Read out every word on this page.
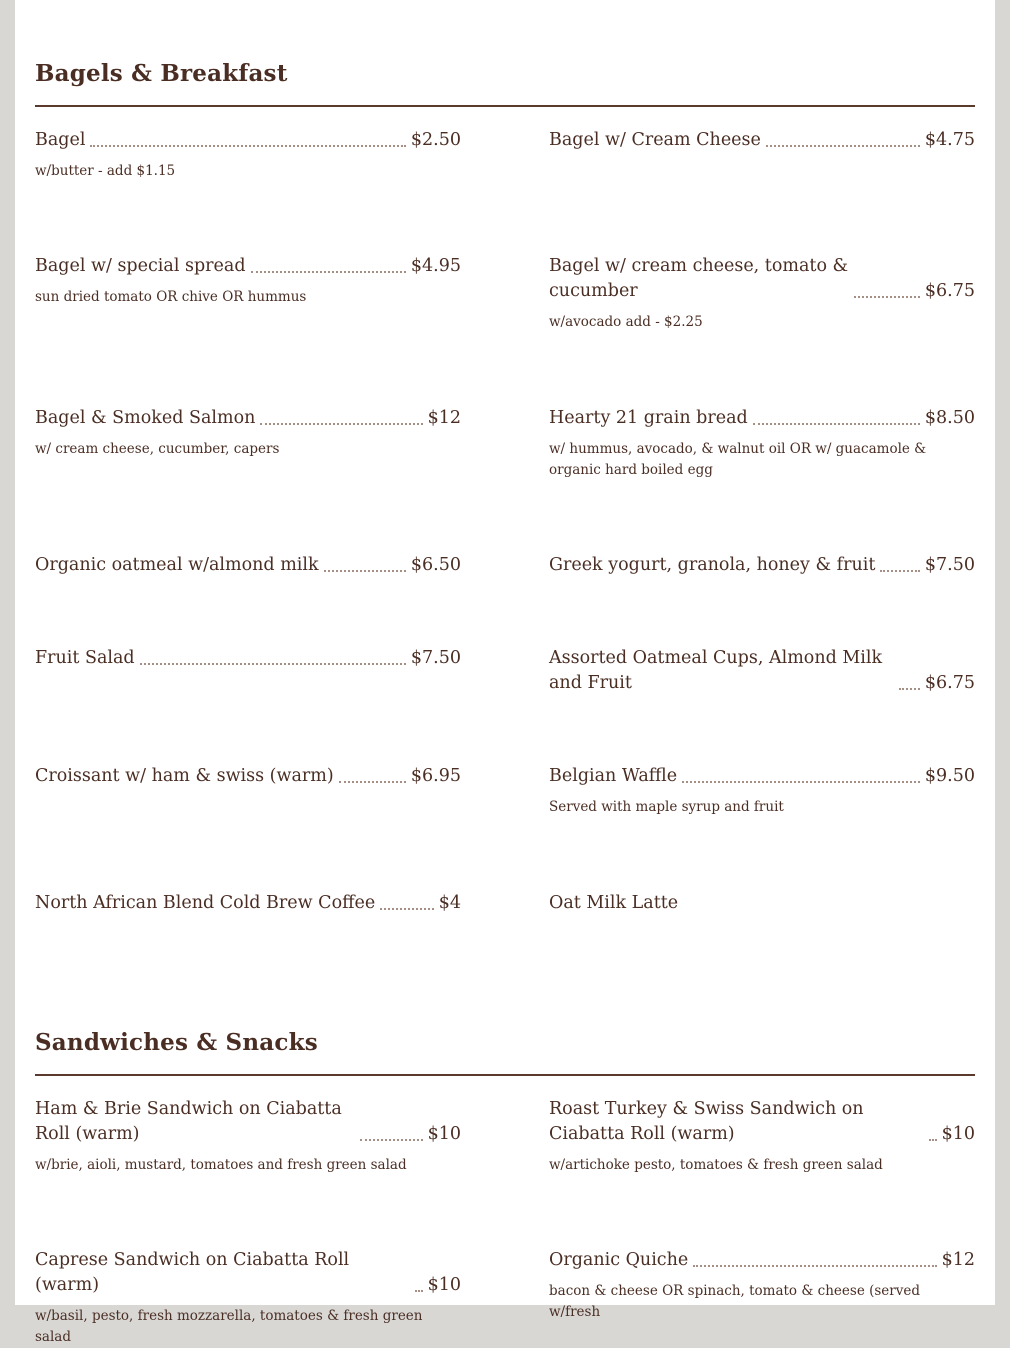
Bagels & Breakfast
Bagel	$2.50
w/butter - add $1.15
Bagel w/ Cream Cheese	$4.75
Bagel w/ special spread	$4.95
sun dried tomato OR chive OR hummus
Bagel w/ cream cheese, tomato & cucumber	$6.75
w/avocado add - $2.25
Bagel & Smoked Salmon	$12
w/ cream cheese, cucumber, capers
Hearty 21 grain bread	$8.50
w/ hummus, avocado, & walnut oil OR w/ guacamole & organic hard boiled egg
Organic oatmeal w/almond milk	$6.50	Greek yogurt, granola, honey & fruit	$7.50
Fruit Salad	$7.50	Assorted Oatmeal Cups, Almond Milk and Fruit	$6.75
Croissant w/ ham & swiss (warm)	$6.95	Belgian Waffle	$9.50
Served with maple syrup and fruit
North African Blend Cold Brew Coffee	$4	Oat Milk Latte
Sandwiches & Snacks
Ham & Brie Sandwich on Ciabatta Roll (warm)	$10
w/brie, aioli, mustard, tomatoes and fresh green salad
Roast Turkey & Swiss Sandwich on Ciabatta Roll (warm)	$10
w/artichoke pesto, tomatoes & fresh green salad
Caprese Sandwich on Ciabatta Roll (warm)	$10
w/basil, pesto, fresh mozzarella, tomatoes & fresh green salad
Organic Quiche	$12
bacon & cheese OR spinach, tomato & cheese (served w/fresh
